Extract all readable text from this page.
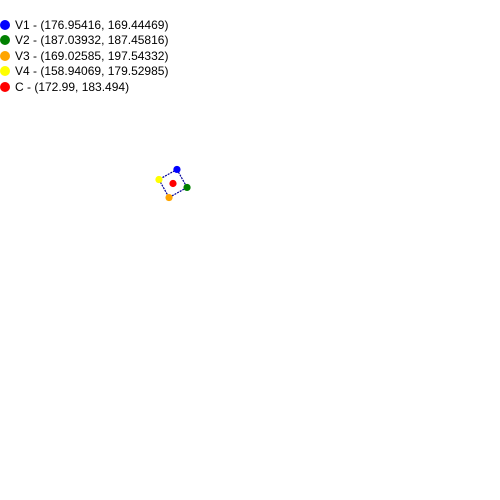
V1 - (176.95416, 169.44469)
V2 - (187.03932, 187.45816)
V3 - (169.02585, 197.54332)
V4 - (158.94069, 179.52985)
C - (172.99, 183.494)
